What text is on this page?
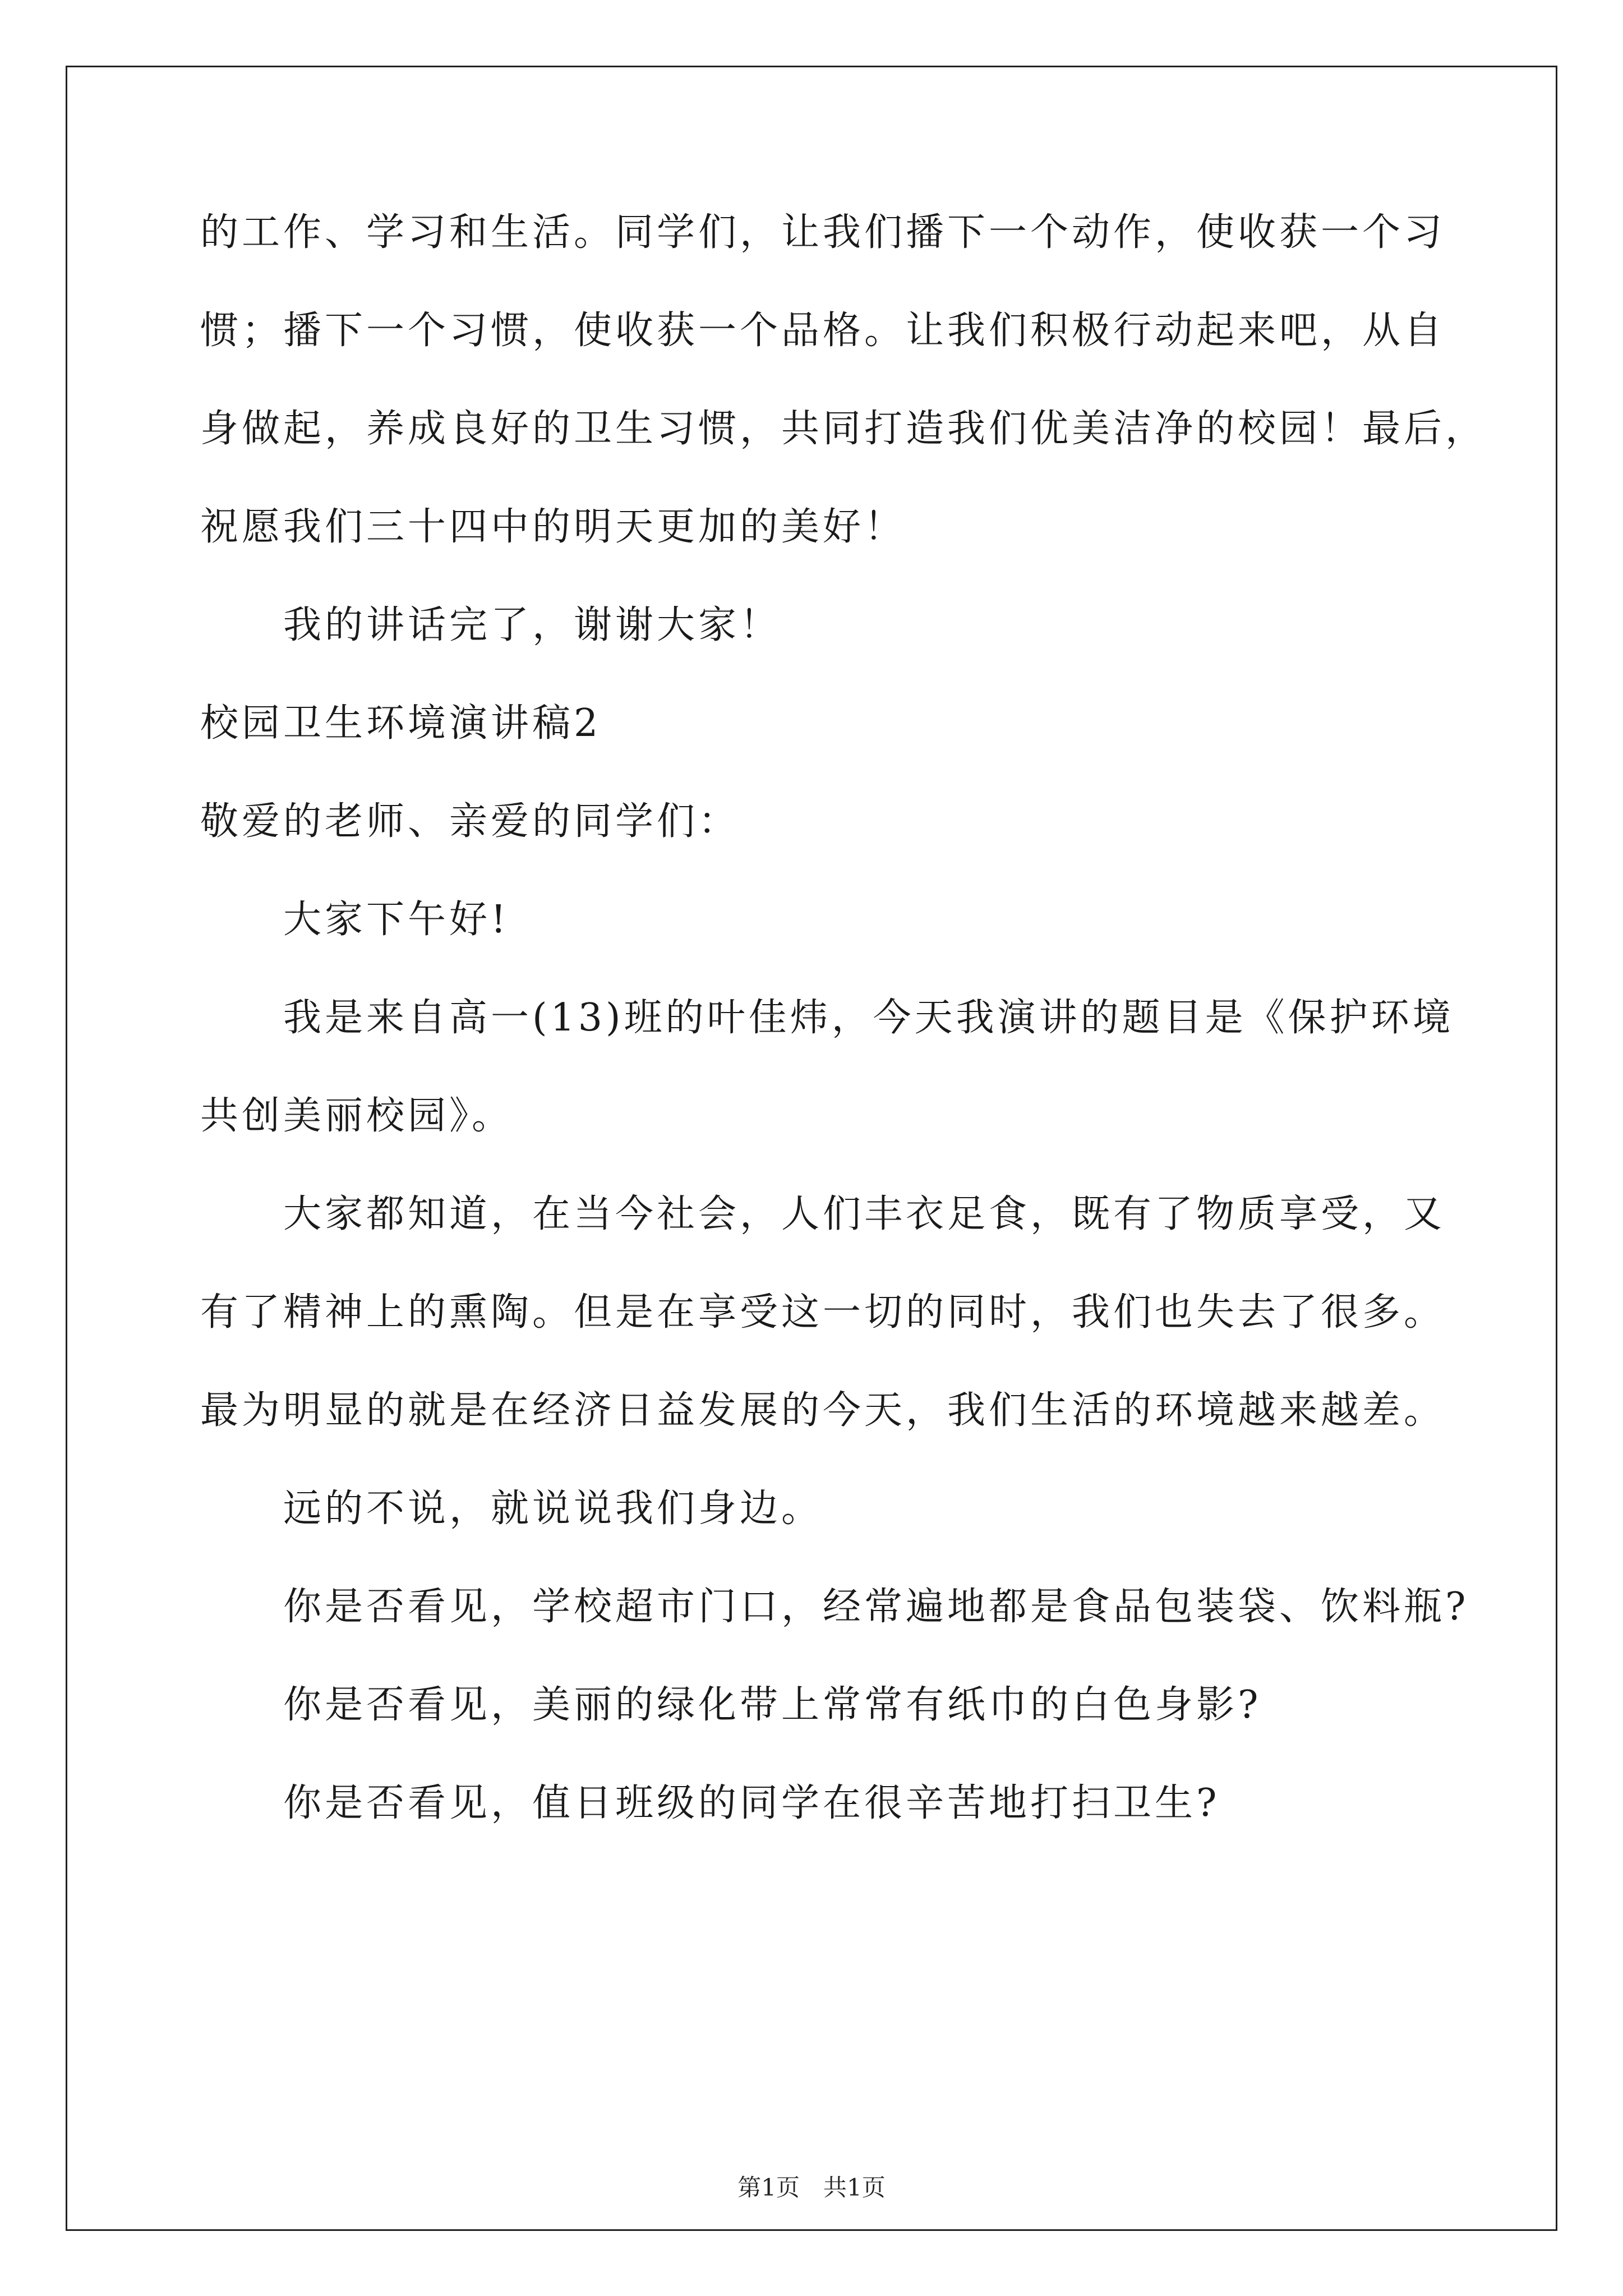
的工作、学习和生活。同学们，让我们播下一个动作，使收获一个习
惯；播下一个习惯，使收获一个品格。让我们积极行动起来吧，从自
身做起，养成良好的卫生习惯，共同打造我们优美洁净的校园！最后，
祝愿我们三十四中的明天更加的美好！
我的讲话完了，谢谢大家！
校园卫生环境演讲稿2
敬爱的老师、亲爱的同学们：
大家下午好!
我是来自高一(13)班的叶佳炜，今天我演讲的题目是《保护环境
共创美丽校园》。
大家都知道，在当今社会，人们丰衣足食，既有了物质享受，又
有了精神上的熏陶。但是在享受这一切的同时，我们也失去了很多。
最为明显的就是在经济日益发展的今天，我们生活的环境越来越差。
远的不说，就说说我们身边。
你是否看见，学校超市门口，经常遍地都是食品包装袋、饮料瓶?
你是否看见，美丽的绿化带上常常有纸巾的白色身影?
你是否看见，值日班级的同学在很辛苦地打扫卫生?
第1页　共1页
